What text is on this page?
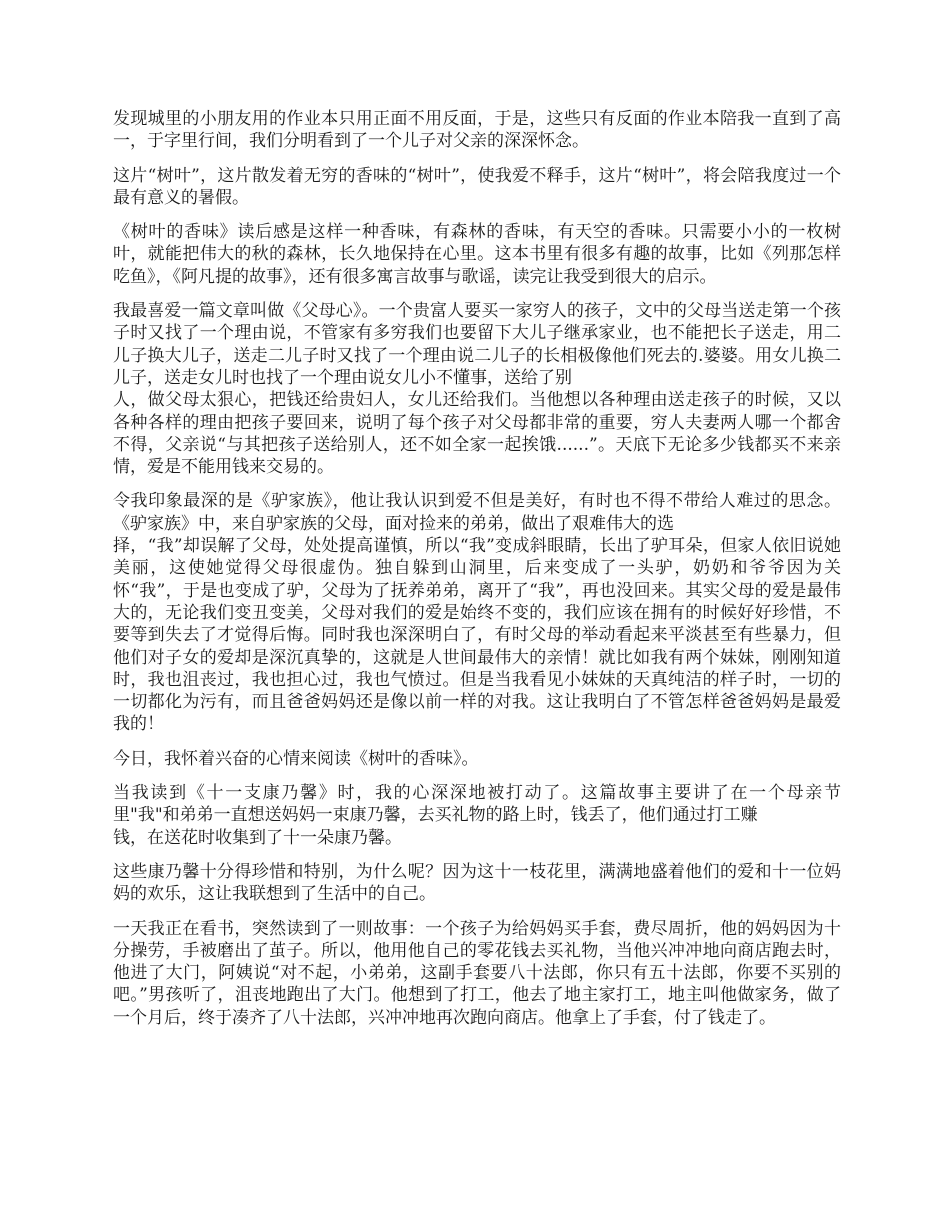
发现城里的小朋友用的作业本只用正面不用反面，于是，这些只有反面的作业本陪我一直到了高一，于字里行间，我们分明看到了一个儿子对父亲的深深怀念。

这片“树叶”，这片散发着无穷的香味的“树叶”，使我爱不释手，这片“树叶”，将会陪我度过一个最有意义的暑假。

《树叶的香味》读后感是这样一种香味，有森林的香味，有天空的香味。只需要小小的一枚树叶，就能把伟大的秋的森林，长久地保持在心里。这本书里有很多有趣的故事，比如《列那怎样吃鱼》，《阿凡提的故事》，还有很多寓言故事与歌谣，读完让我受到很大的启示。

我最喜爱一篇文章叫做《父母心》。一个贵富人要买一家穷人的孩子，文中的父母当送走第一个孩子时又找了一个理由说，不管家有多穷我们也要留下大儿子继承家业，也不能把长子送走，用二儿子换大儿子，送走二儿子时又找了一个理由说二儿子的长相极像他们死去的.婆婆。用女儿换二儿子，送走女儿时也找了一个理由说女儿小不懂事，送给了别
人，做父母太狠心，把钱还给贵妇人，女儿还给我们。当他想以各种理由送走孩子的时候，又以各种各样的理由把孩子要回来，说明了每个孩子对父母都非常的重要，穷人夫妻两人哪一个都舍不得，父亲说“与其把孩子送给别人，还不如全家一起挨饿......”。天底下无论多少钱都买不来亲情，爱是不能用钱来交易的。

令我印象最深的是《驴家族》，他让我认识到爱不但是美好，有时也不得不带给人难过的思念。《驴家族》中，来自驴家族的父母，面对捡来的弟弟，做出了艰难伟大的选
择，“我”却误解了父母，处处提高谨慎，所以“我”变成斜眼睛，长出了驴耳朵，但家人依旧说她美丽，这使她觉得父母很虚伪。独自躲到山洞里，后来变成了一头驴，奶奶和爷爷因为关怀“我”，于是也变成了驴，父母为了抚养弟弟，离开了“我”，再也没回来。其实父母的爱是最伟大的，无论我们变丑变美，父母对我们的爱是始终不变的，我们应该在拥有的时候好好珍惜，不要等到失去了才觉得后悔。同时我也深深明白了，有时父母的举动看起来平淡甚至有些暴力，但他们对子女的爱却是深沉真挚的，这就是人世间最伟大的亲情！就比如我有两个妹妹，刚刚知道时，我也沮丧过，我也担心过，我也气愤过。但是当我看见小妹妹的天真纯洁的样子时，一切的一切都化为污有，而且爸爸妈妈还是像以前一样的对我。这让我明白了不管怎样爸爸妈妈是最爱我的！

今日，我怀着兴奋的心情来阅读《树叶的香味》。

当我读到《十一支康乃馨》时，我的心深深地被打动了。这篇故事主要讲了在一个母亲节里"我"和弟弟一直想送妈妈一束康乃馨，去买礼物的路上时，钱丢了，他们通过打工赚
钱，在送花时收集到了十一朵康乃馨。

这些康乃馨十分得珍惜和特别，为什么呢？因为这十一枝花里，满满地盛着他们的爱和十一位妈妈的欢乐，这让我联想到了生活中的自己。

一天我正在看书，突然读到了一则故事：一个孩子为给妈妈买手套，费尽周折，他的妈妈因为十分操劳，手被磨出了茧子。所以，他用他自己的零花钱去买礼物，当他兴冲冲地向商店跑去时，他进了大门，阿姨说“对不起，小弟弟，这副手套要八十法郎，你只有五十法郎，你要不买别的吧。”男孩听了，沮丧地跑出了大门。他想到了打工，他去了地主家打工，地主叫他做家务，做了一个月后，终于凑齐了八十法郎，兴冲冲地再次跑向商店。他拿上了手套，付了钱走了。
